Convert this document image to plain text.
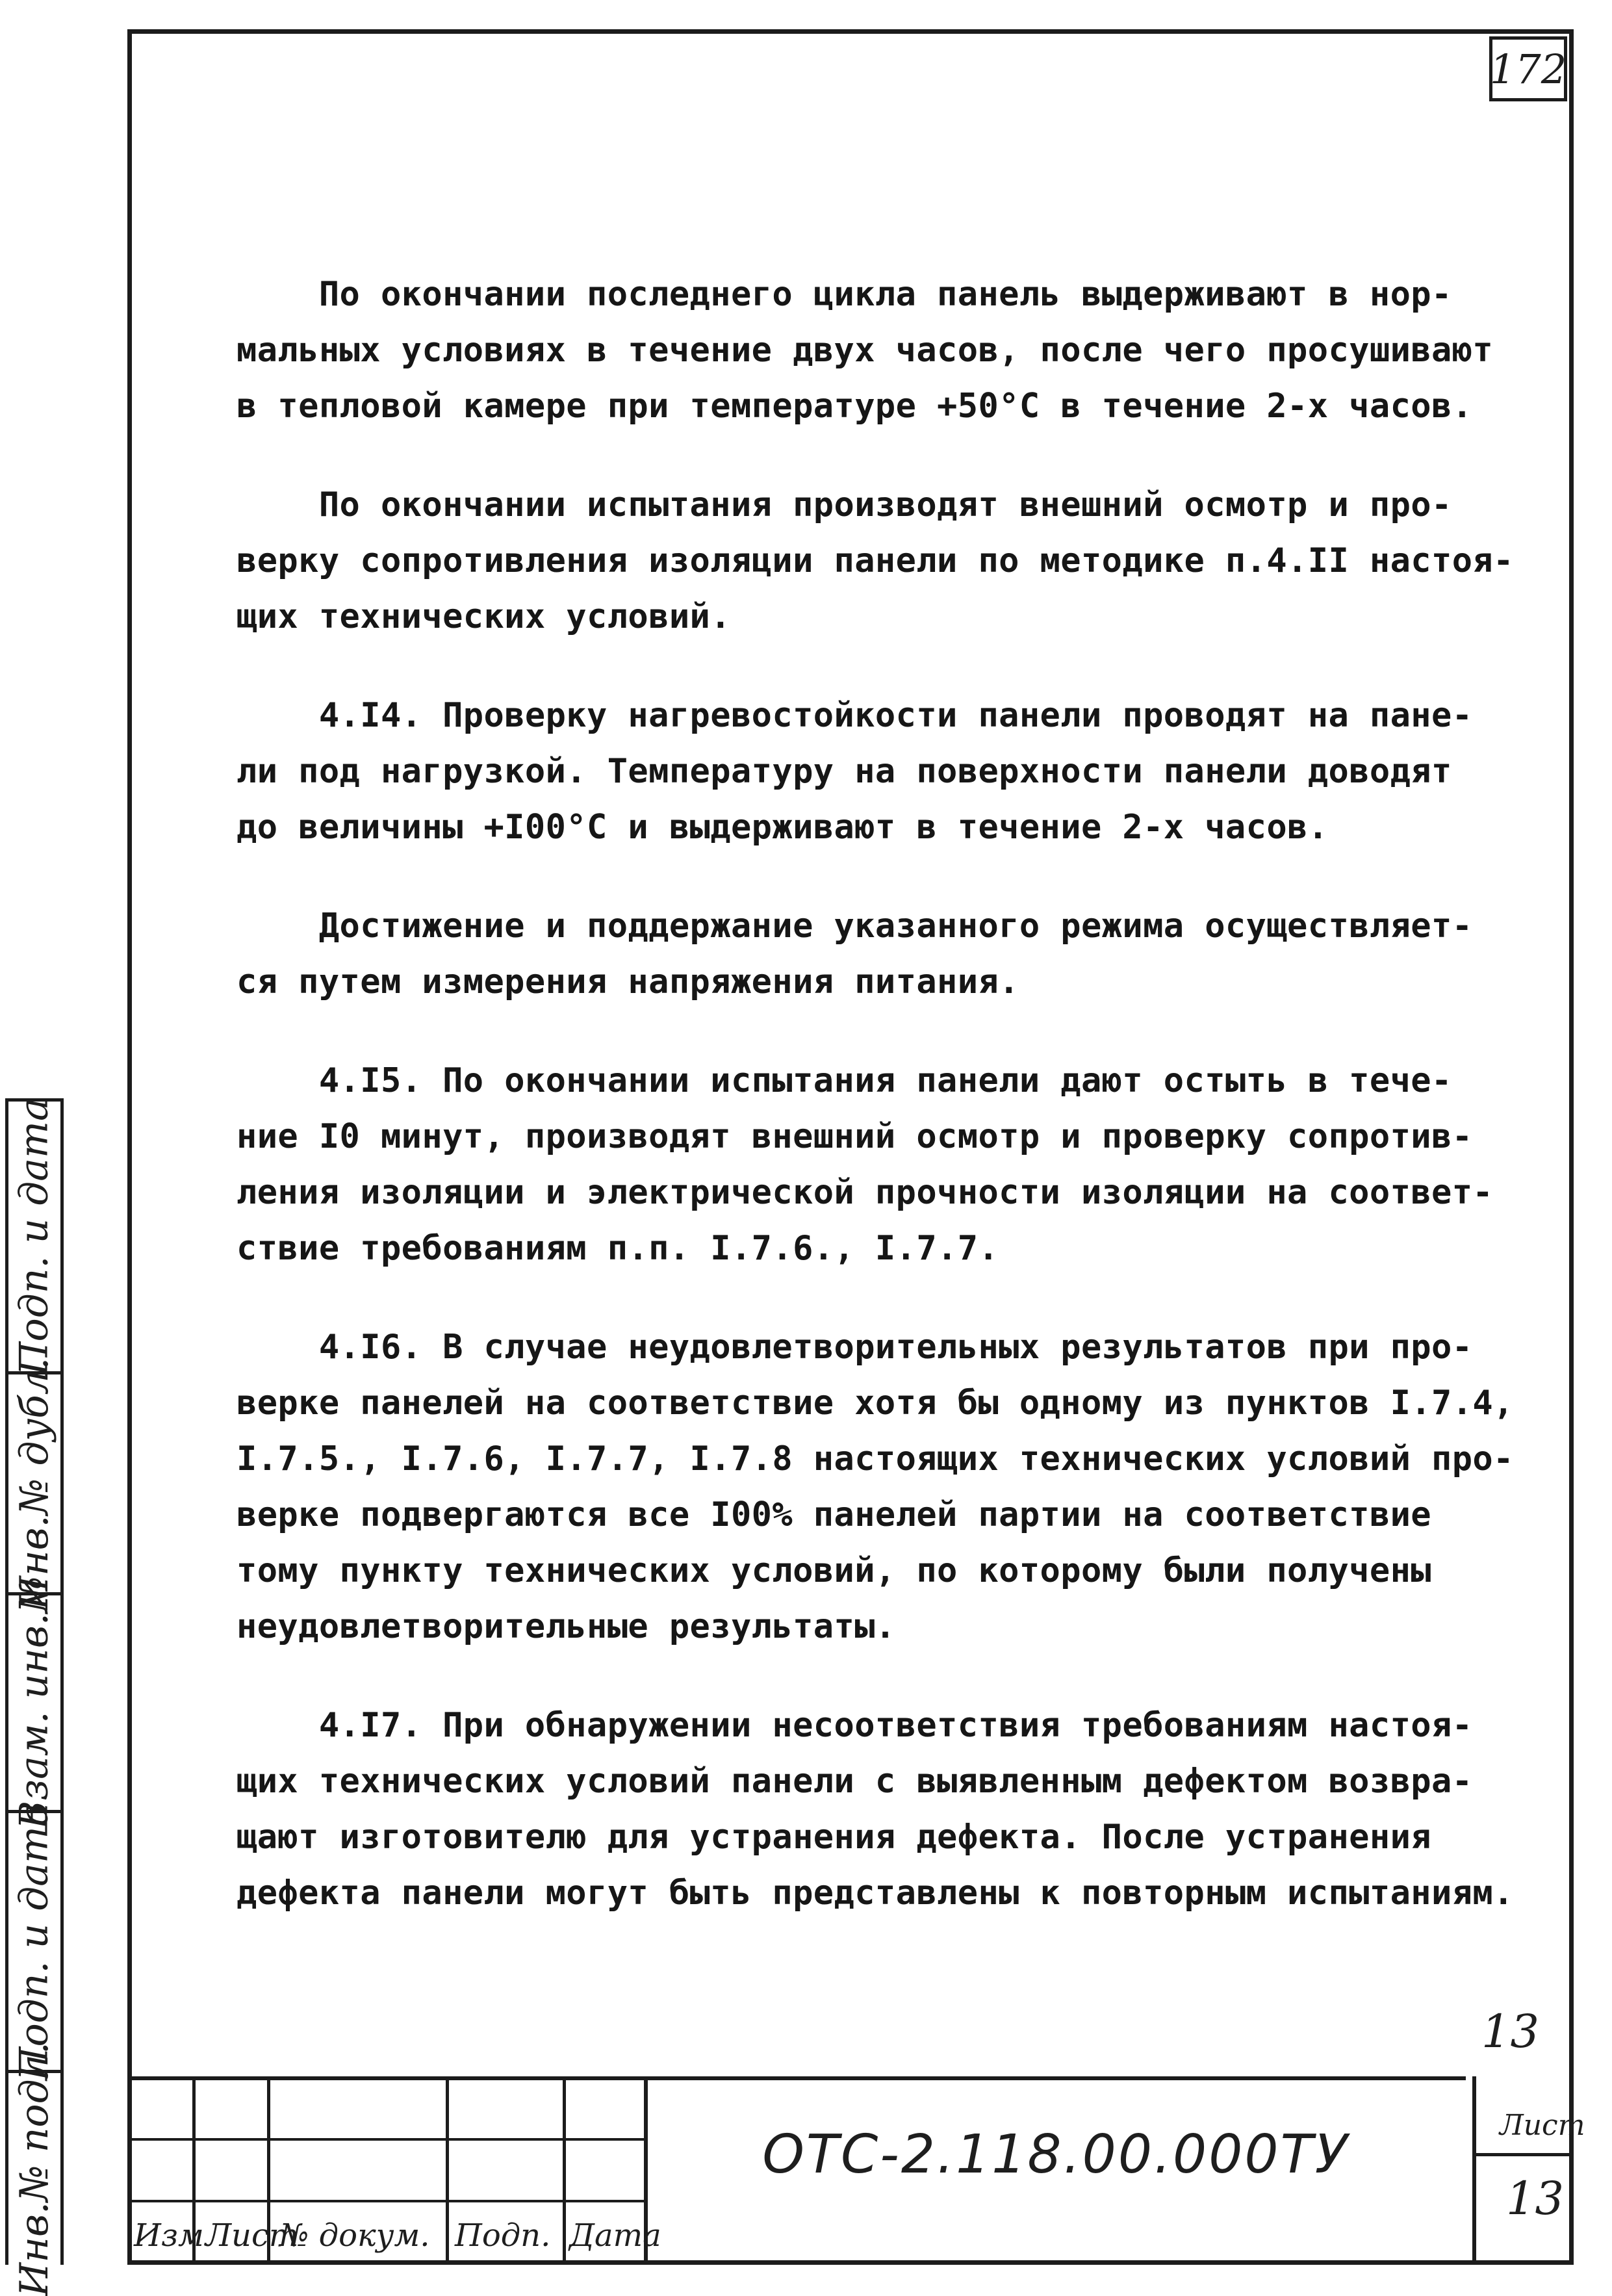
172
По окончании последнего цикла панель выдерживают в нор-
мальных условиях в течение двух часов, после чего просушивают
в тепловой камере при температуре +50°С в течение 2-х часов.
По окончании испытания производят внешний осмотр и про-
верку сопротивления изоляции панели по методике п.4.II настоя-
щих технических условий.
4.I4. Проверку нагревостойкости панели проводят на пане-
ли под нагрузкой. Температуру на поверхности панели доводят
до величины +I00°С и выдерживают в течение 2-х часов.
Достижение и поддержание указанного режима осуществляет-
ся путем измерения напряжения питания.
4.I5. По окончании испытания панели дают остыть в тече-
ние I0 минут, производят внешний осмотр и проверку сопротив-
ления изоляции и электрической прочности изоляции на соответ-
ствие требованиям п.п. I.7.6., I.7.7.
4.I6. В случае неудовлетворительных результатов при про-
верке панелей на соответствие хотя бы одному из пунктов I.7.4,
I.7.5., I.7.6, I.7.7, I.7.8 настоящих технических условий про-
верке подвергаются все I00% панелей партии на соответствие
тому пункту технических условий, по которому были получены
неудовлетворительные результаты.
4.I7. При обнаружении несоответствия требованиям настоя-
щих технических условий панели с выявленным дефектом возвра-
щают изготовителю для устранения дефекта. После устранения
дефекта панели могут быть представлены к повторным испытаниям.
Инв.№ подл.
Подп. и дата
Взам. инв.№
Инв.№ дубл.
Подп. и дата
Изм Лист
№ докум. Подп. Дата
ОТС-2.118.00.000ТУ
13
Лист
13
